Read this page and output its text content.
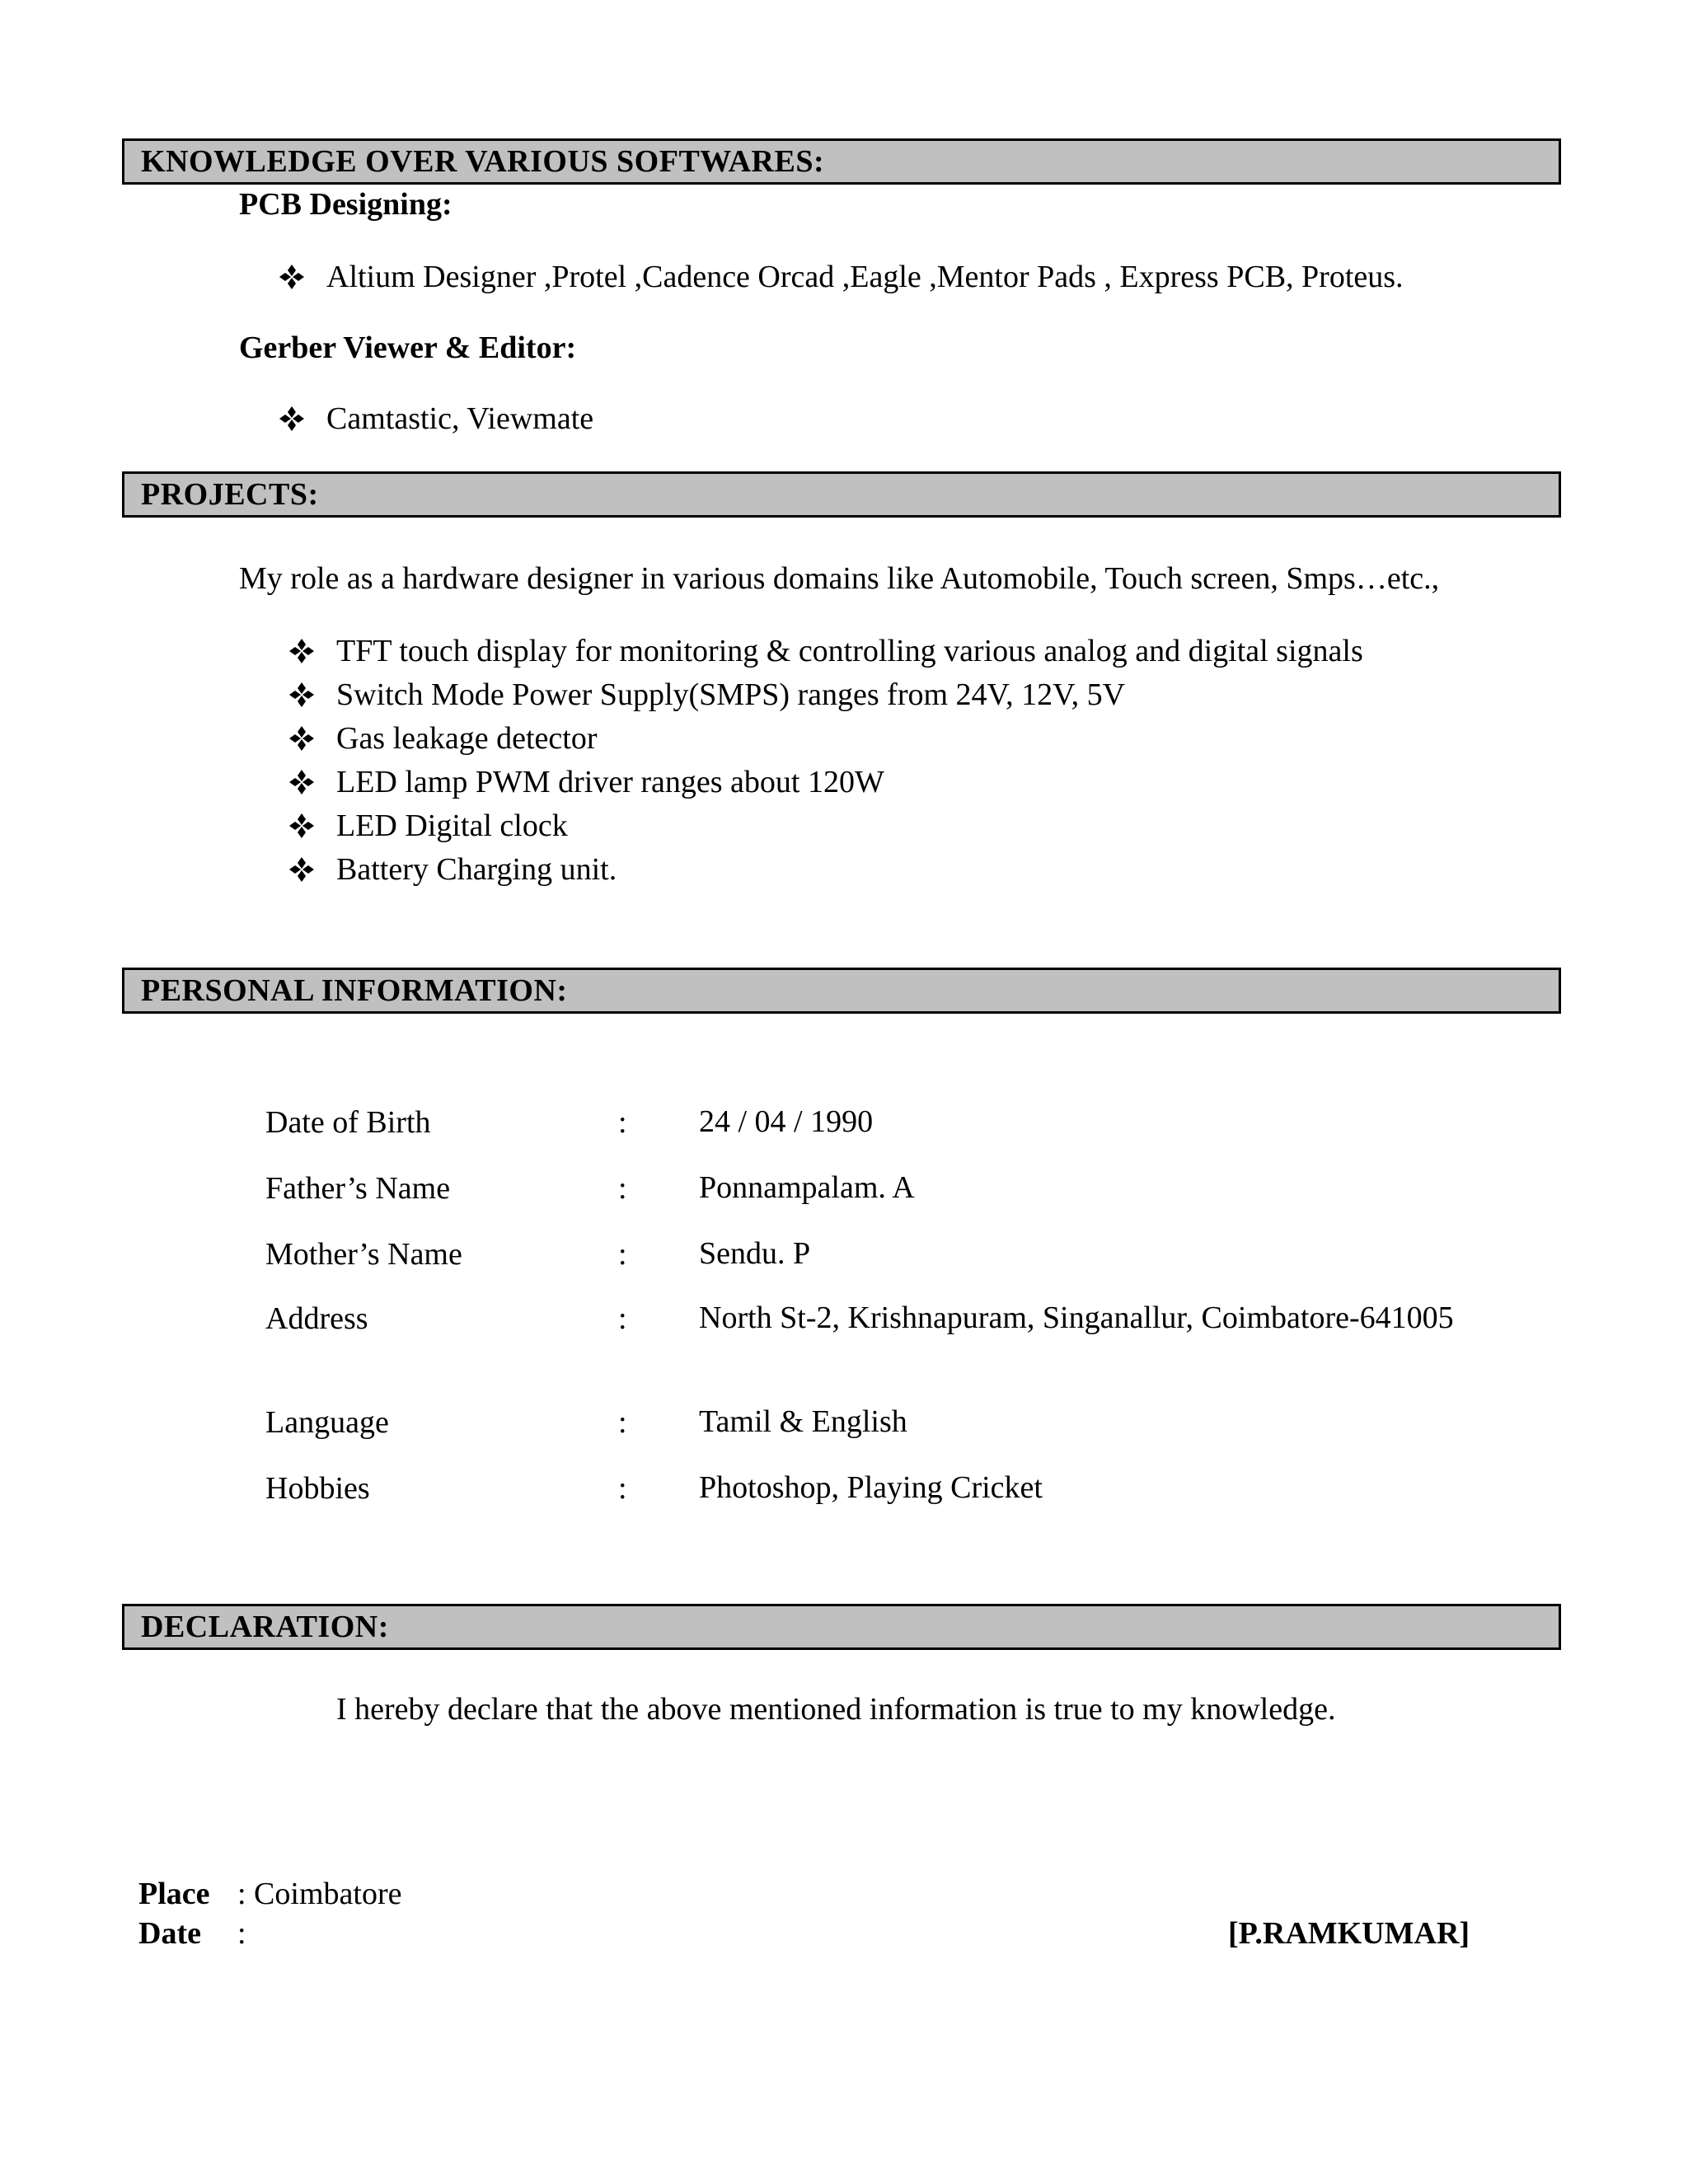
KNOWLEDGE OVER VARIOUS SOFTWARES:
PCB Designing:
Altium Designer ,Protel ,Cadence Orcad ,Eagle ,Mentor Pads , Express PCB, Proteus.
Gerber Viewer & Editor:
Camtastic, Viewmate
PROJECTS:
My role as a hardware designer in various domains like Automobile, Touch screen, Smps…etc.,
TFT touch display for monitoring & controlling various analog and digital signals
Switch Mode Power Supply(SMPS) ranges from 24V, 12V, 5V
Gas leakage detector
LED lamp PWM driver ranges about 120W
LED Digital clock
Battery Charging unit.
PERSONAL INFORMATION:
Date of Birth	: 24 / 04 / 1990
Father’s Name	: Ponnampalam. A
Mother’s Name	: Sendu. P
Address	: North St-2, Krishnapuram, Singanallur, Coimbatore-641005
Language	: Tamil & English
Hobbies	: Photoshop, Playing Cricket
DECLARATION:
I hereby declare that the above mentioned information is true to my knowledge.
Place : Coimbatore
Date :	[P.RAMKUMAR]
